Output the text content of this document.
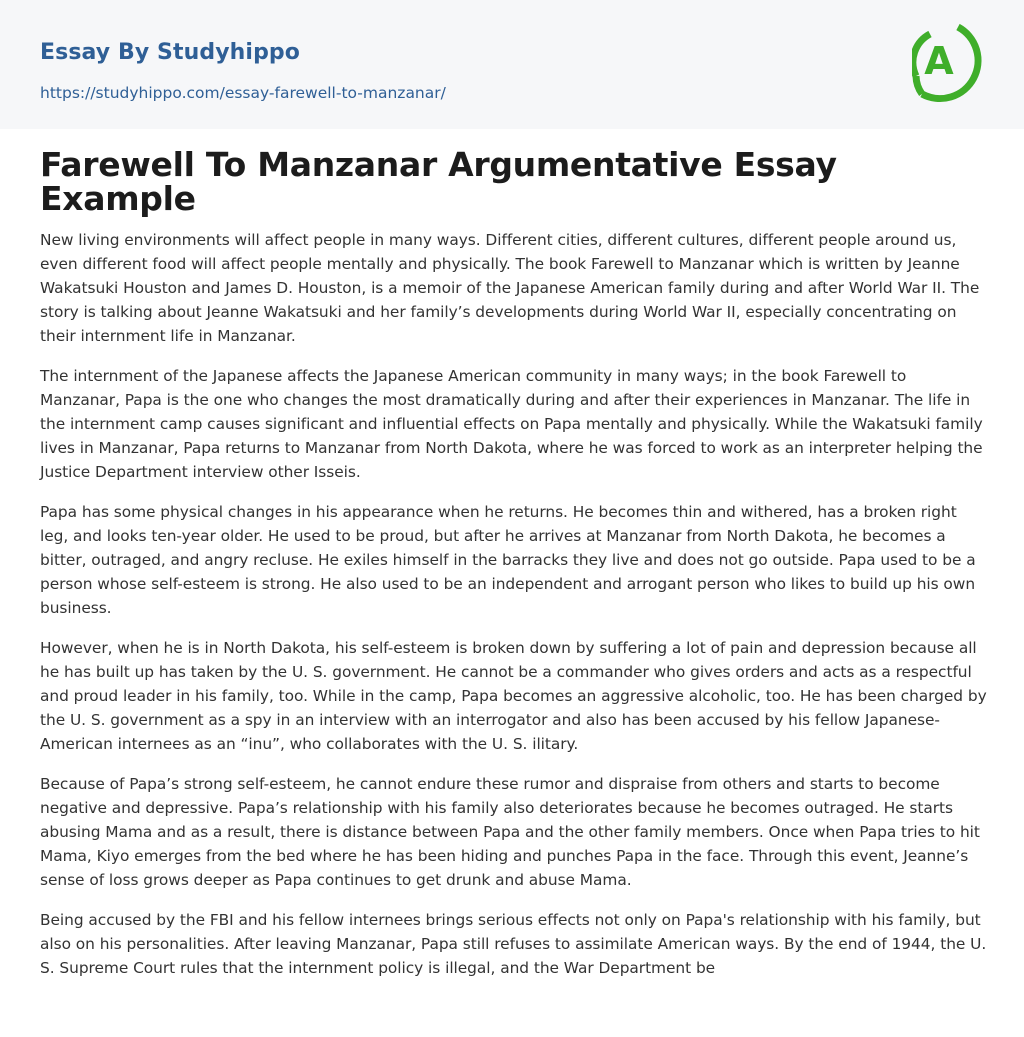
Essay By Studyhippo
https://studyhippo.com/essay-farewell-to-manzanar/
A
Farewell To Manzanar Argumentative Essay Example

New living environments will affect people in many ways. Different cities, different cultures, different people around us, even different food will affect people mentally and physically. The book Farewell to Manzanar which is written by Jeanne Wakatsuki Houston and James D. Houston, is a memoir of the Japanese American family during and after World War II. The story is talking about Jeanne Wakatsuki and her family’s developments during World War II, especially concentrating on their internment life in Manzanar.

The internment of the Japanese affects the Japanese American community in many ways; in the book Farewell to Manzanar, Papa is the one who changes the most dramatically during and after their experiences in Manzanar. The life in the internment camp causes significant and influential effects on Papa mentally and physically. While the Wakatsuki family lives in Manzanar, Papa returns to Manzanar from North Dakota, where he was forced to work as an interpreter helping the Justice Department interview other Isseis.

Papa has some physical changes in his appearance when he returns. He becomes thin and withered, has a broken right leg, and looks ten-year older. He used to be proud, but after he arrives at Manzanar from North Dakota, he becomes a bitter, outraged, and angry recluse. He exiles himself in the barracks they live and does not go outside. Papa used to be a person whose self-esteem is strong. He also used to be an independent and arrogant person who likes to build up his own business.

However, when he is in North Dakota, his self-esteem is broken down by suffering a lot of pain and depression because all he has built up has taken by the U. S. government. He cannot be a commander who gives orders and acts as a respectful and proud leader in his family, too. While in the camp, Papa becomes an aggressive alcoholic, too. He has been charged by the U. S. government as a spy in an interview with an interrogator and also has been accused by his fellow Japanese-American internees as an “inu”, who collaborates with the U. S. ilitary.

Because of Papa’s strong self-esteem, he cannot endure these rumor and dispraise from others and starts to become negative and depressive. Papa’s relationship with his family also deteriorates because he becomes outraged. He starts abusing Mama and as a result, there is distance between Papa and the other family members. Once when Papa tries to hit Mama, Kiyo emerges from the bed where he has been hiding and punches Papa in the face. Through this event, Jeanne’s sense of loss grows deeper as Papa continues to get drunk and abuse Mama.

Being accused by the FBI and his fellow internees brings serious effects not only on Papa's relationship with his family, but also on his personalities. After leaving Manzanar, Papa still refuses to assimilate American ways. By the end of 1944, the U. S. Supreme Court rules that the internment policy is illegal, and the War Department be
